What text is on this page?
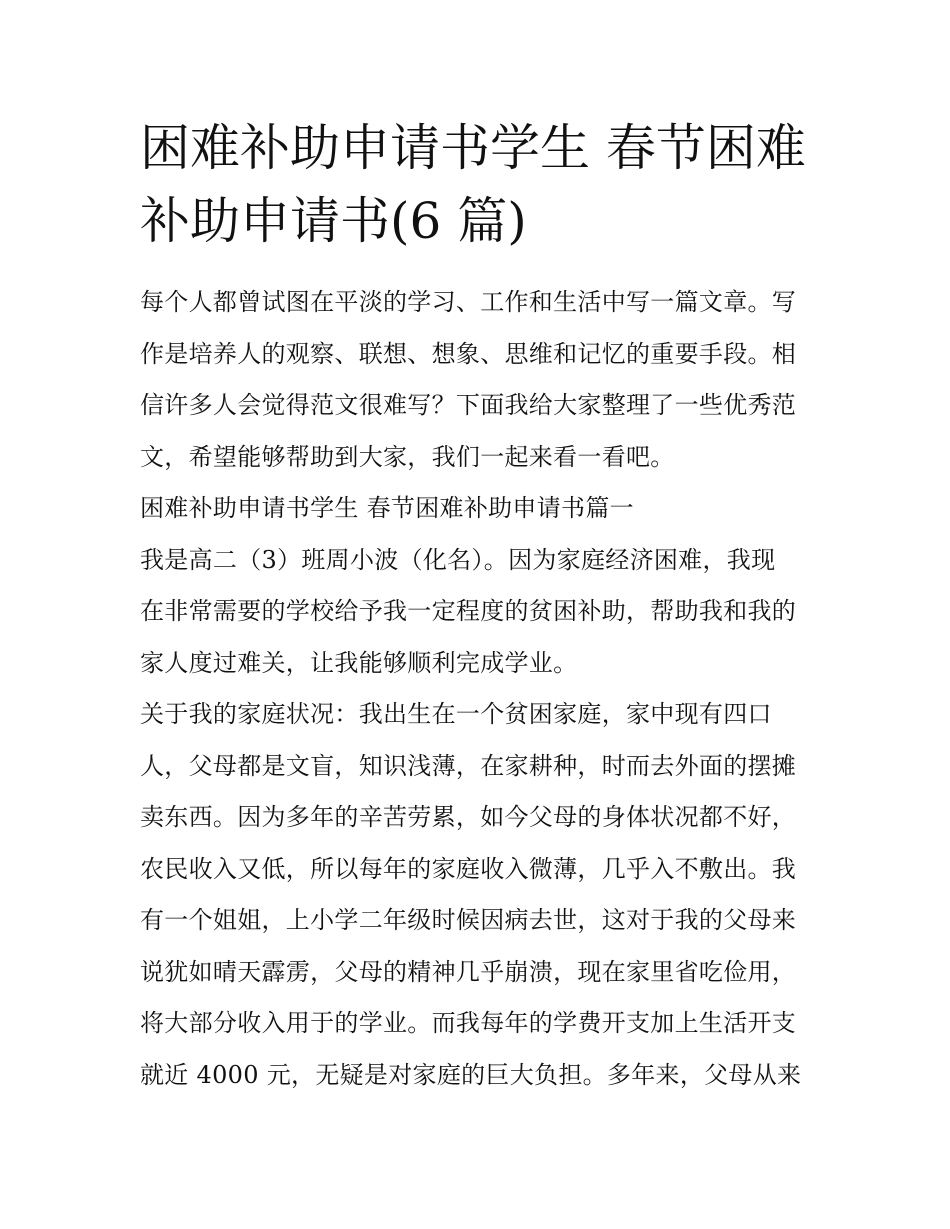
困难补助申请书学生 春节困难
补助申请书(6 篇)
每个人都曾试图在平淡的学习、工作和生活中写一篇文章。写
作是培养人的观察、联想、想象、思维和记忆的重要手段。相
信许多人会觉得范文很难写？下面我给大家整理了一些优秀范
文，希望能够帮助到大家，我们一起来看一看吧。
困难补助申请书学生 春节困难补助申请书篇一
我是高二（3）班周小波（化名）。因为家庭经济困难，我现
在非常需要的学校给予我一定程度的贫困补助，帮助我和我的
家人度过难关，让我能够顺利完成学业。
关于我的家庭状况：我出生在一个贫困家庭，家中现有四口
人，父母都是文盲，知识浅薄，在家耕种，时而去外面的摆摊
卖东西。因为多年的辛苦劳累，如今父母的身体状况都不好，
农民收入又低，所以每年的家庭收入微薄，几乎入不敷出。我
有一个姐姐，上小学二年级时候因病去世，这对于我的父母来
说犹如晴天霹雳，父母的精神几乎崩溃，现在家里省吃俭用，
将大部分收入用于的学业。而我每年的学费开支加上生活开支
就近 4000 元，无疑是对家庭的巨大负担。多年来，父母从来
